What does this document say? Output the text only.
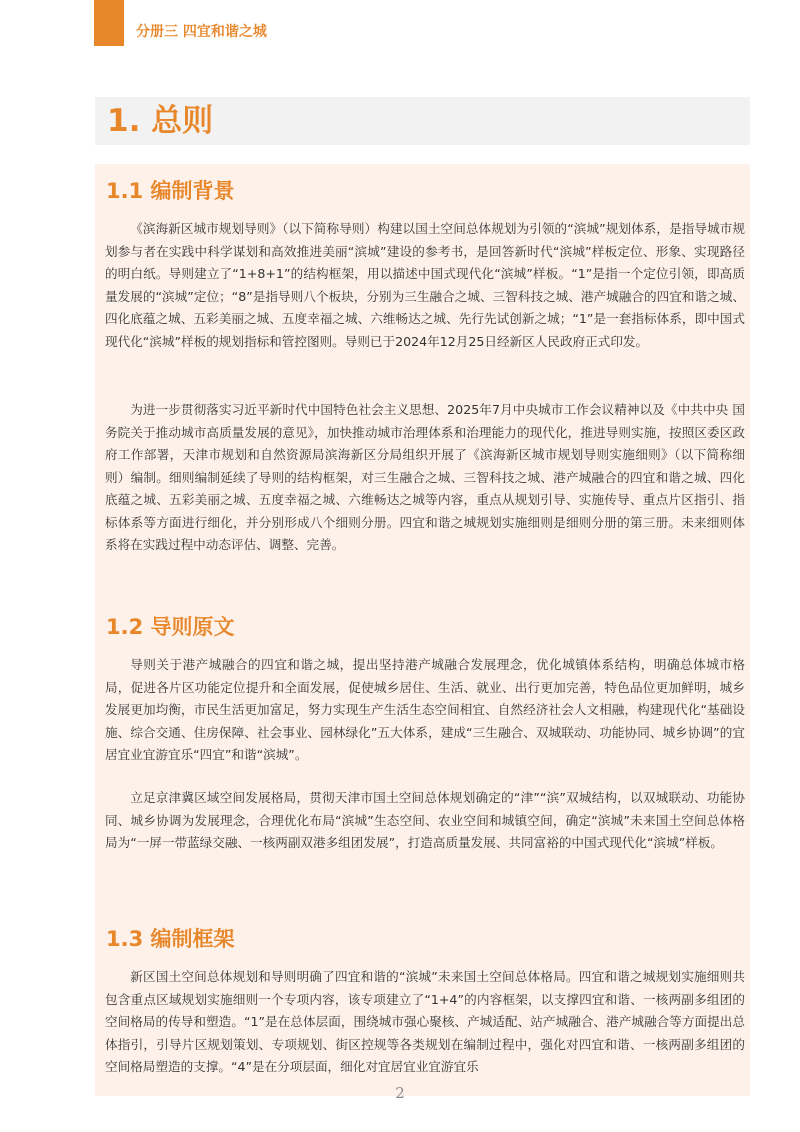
分册三 四宜和谐之城
1. 总则
1.1 编制背景

《滨海新区城市规划导则》（以下简称导则）构建以国土空间总体规划为引领的“滨城”规划体系，是指导城市规划参与者在实践中科学谋划和高效推进美丽“滨城”建设的参考书，是回答新时代“滨城”样板定位、形象、实现路径的明白纸。导则建立了“1+8+1”的结构框架，用以描述中国式现代化“滨城”样板。“1”是指一个定位引领，即高质量发展的“滨城”定位；“8”是指导则八个板块，分别为三生融合之城、三智科技之城、港产城融合的四宜和谐之城、四化底蕴之城、五彩美丽之城、五度幸福之城、六维畅达之城、先行先试创新之城；“1”是一套指标体系，即中国式现代化“滨城”样板的规划指标和管控图则。导则已于2024年12月25日经新区人民政府正式印发。

为进一步贯彻落实习近平新时代中国特色社会主义思想、2025年7月中央城市工作会议精神以及《中共中央 国务院关于推动城市高质量发展的意见》，加快推动城市治理体系和治理能力的现代化，推进导则实施，按照区委区政府工作部署，天津市规划和自然资源局滨海新区分局组织开展了《滨海新区城市规划导则实施细则》（以下简称细则）编制。细则编制延续了导则的结构框架，对三生融合之城、三智科技之城、港产城融合的四宜和谐之城、四化底蕴之城、五彩美丽之城、五度幸福之城、六维畅达之城等内容，重点从规划引导、实施传导、重点片区指引、指标体系等方面进行细化，并分别形成八个细则分册。四宜和谐之城规划实施细则是细则分册的第三册。未来细则体系将在实践过程中动态评估、调整、完善。

1.2 导则原文

导则关于港产城融合的四宜和谐之城，提出坚持港产城融合发展理念，优化城镇体系结构，明确总体城市格局，促进各片区功能定位提升和全面发展，促使城乡居住、生活、就业、出行更加完善，特色品位更加鲜明，城乡发展更加均衡，市民生活更加富足，努力实现生产生活生态空间相宜、自然经济社会人文相融，构建现代化“基础设施、综合交通、住房保障、社会事业、园林绿化”五大体系，建成“三生融合、双城联动、功能协同、城乡协调”的宜居宜业宜游宜乐“四宜”和谐“滨城”。

立足京津冀区域空间发展格局，贯彻天津市国土空间总体规划确定的“津”“滨”双城结构，以双城联动、功能协同、城乡协调为发展理念，合理优化布局“滨城”生态空间、农业空间和城镇空间，确定“滨城”未来国土空间总体格局为“一屏一带蓝绿交融、一核两副双港多组团发展”，打造高质量发展、共同富裕的中国式现代化“滨城”样板。

1.3 编制框架

新区国土空间总体规划和导则明确了四宜和谐的“滨城”未来国土空间总体格局。四宜和谐之城规划实施细则共包含重点区域规划实施细则一个专项内容，该专项建立了“1+4”的内容框架，以支撑四宜和谐、一核两副多组团的空间格局的传导和塑造。“1”是在总体层面，围绕城市强心聚核、产城适配、站产城融合、港产城融合等方面提出总体指引，引导片区规划策划、专项规划、街区控规等各类规划在编制过程中，强化对四宜和谐、一核两副多组团的空间格局塑造的支撑。“4”是在分项层面，细化对宜居宜业宜游宜乐

2
